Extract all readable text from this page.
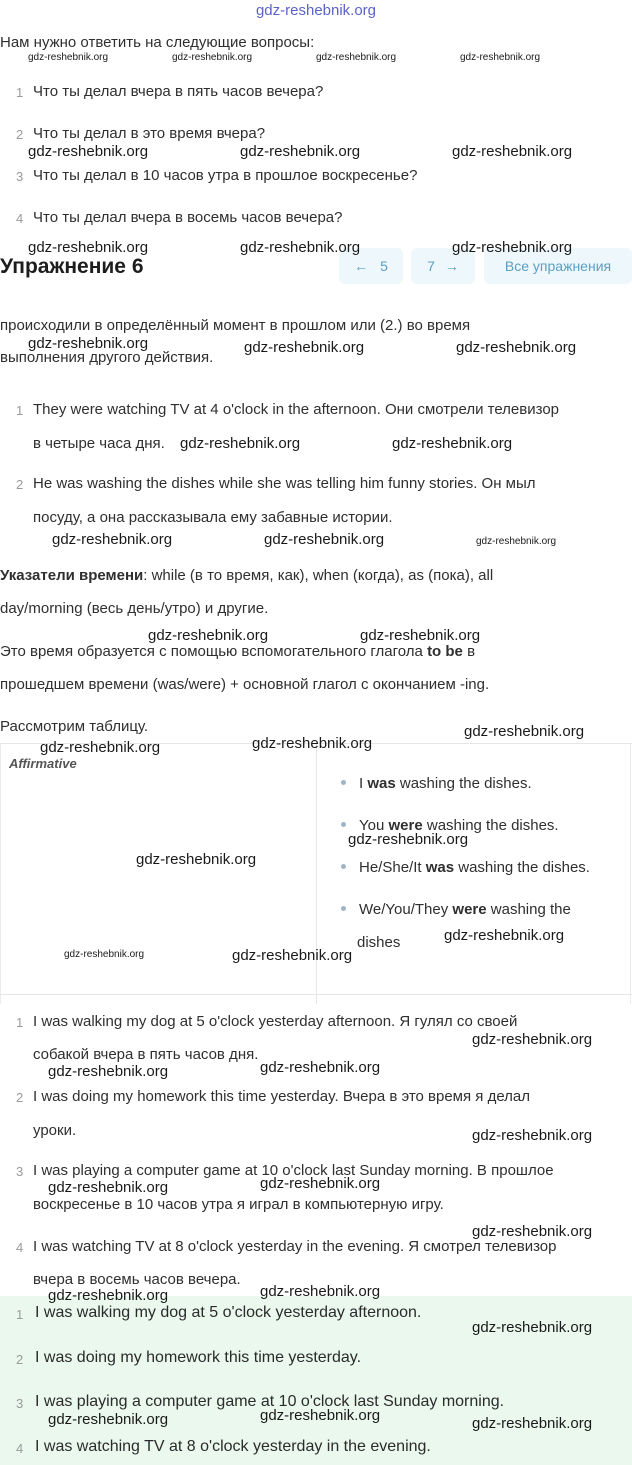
gdz-reshebnik.org
Нам нужно ответить на следующие вопросы:
1 Что ты делал вчера в пять часов вечера?
2 Что ты делал в это время вчера?
3 Что ты делал в 10 часов утра в прошлое воскресенье?
4 Что ты делал вчера в восемь часов вечера?
Упражнение 6	← 5	7 →	Все упражнения
происходили в определённый момент в прошлом или (2.) во время
выполнения другого действия.
1 They were watching TV at 4 o'clock in the afternoon. Они смотрели телевизор
в четыре часа дня.
2 He was washing the dishes while she was telling him funny stories. Он мыл
посуду, а она рассказывала ему забавные истории.
Указатели времени: while (в то время, как), when (когда), as (пока), all
day/morning (весь день/утро) и другие.
Это время образуется с помощью вспомогательного глагола to be в
прошедшем времени (was/were) + основной глагол с окончанием -ing.
Рассмотрим таблицу.
Affirmative
I was washing the dishes.
You were washing the dishes.
He/She/It was washing the dishes.
We/You/They were washing the
dishes
1 I was walking my dog at 5 o'clock yesterday afternoon. Я гулял со своей
собакой вчера в пять часов дня.
2 I was doing my homework this time yesterday. Вчера в это время я делал
уроки.
3 I was playing a computer game at 10 o'clock last Sunday morning. В прошлое
воскресенье в 10 часов утра я играл в компьютерную игру.
4 I was watching TV at 8 o'clock yesterday in the evening. Я смотрел телевизор
вчера в восемь часов вечера.
1 I was walking my dog at 5 o'clock yesterday afternoon.
2 I was doing my homework this time yesterday.
3 I was playing a computer game at 10 o'clock last Sunday morning.
4 I was watching TV at 8 o'clock yesterday in the evening.
gdz-reshebnik.org	gdz-reshebnik.org	gdz-reshebnik.org	gdz-reshebnik.org
gdz-reshebnik.org	gdz-reshebnik.org	gdz-reshebnik.org
gdz-reshebnik.org	gdz-reshebnik.org	gdz-reshebnik.org
gdz-reshebnik.org	gdz-reshebnik.org	gdz-reshebnik.org
gdz-reshebnik.org	gdz-reshebnik.org
gdz-reshebnik.org	gdz-reshebnik.org	gdz-reshebnik.org
gdz-reshebnik.org	gdz-reshebnik.org
gdz-reshebnik.org
gdz-reshebnik.org	gdz-reshebnik.org
gdz-reshebnik.org
gdz-reshebnik.org
gdz-reshebnik.org
gdz-reshebnik.org	gdz-reshebnik.org
gdz-reshebnik.org
gdz-reshebnik.org	gdz-reshebnik.org
gdz-reshebnik.org
gdz-reshebnik.org	gdz-reshebnik.org
gdz-reshebnik.org
gdz-reshebnik.org	gdz-reshebnik.org
gdz-reshebnik.org
gdz-reshebnik.org	gdz-reshebnik.org	gdz-reshebnik.org
